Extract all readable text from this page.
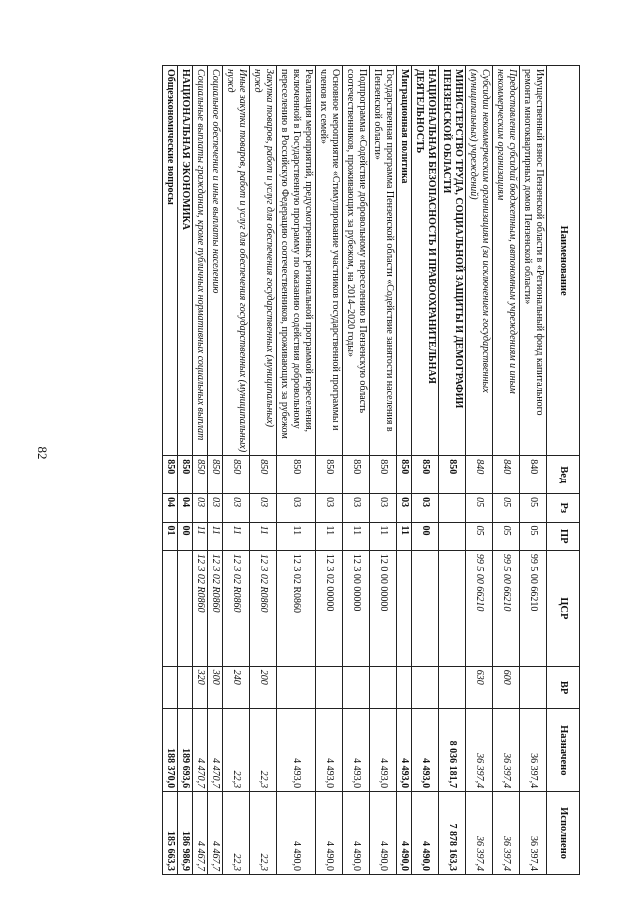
82
Наименование	Вед	Рз	ПР	ЦСР	ВР	Назначено	Исполнено
Имущественный взнос Пензенской области в «Региональный фонд капитального ремонта многоквартирных домов Пензенской области»	840	05	05	99 5 00 66210		36 397,4	36 397,4
Предоставление субсидий бюджетным, автономным учреждениям и иным некоммерческим организациям	840	05	05	99 5 00 66210	600	36 397,4	36 397,4
Субсидии некоммерческим организациям (за исключением государственных (муниципальных) учреждений)	840	05	05	99 5 00 66210	630	36 397,4	36 397,4
МИНИСТЕРСТВО ТРУДА, СОЦИАЛЬНОЙ ЗАЩИТЫ И ДЕМОГРАФИИ ПЕНЗЕНСКОЙ ОБЛАСТИ	850					8 036 181,7	7 878 163,3
НАЦИОНАЛЬНАЯ БЕЗОПАСНОСТЬ И ПРАВООХРАНИТЕЛЬНАЯ ДЕЯТЕЛЬНОСТЬ	850	03	00			4 493,0	4 490,0
Миграционная политика	850	03	11			4 493,0	4 490,0
Государственная программа Пензенской области «Содействие занятости населения в Пензенской области»	850	03	11	12 0 00 00000		4 493,0	4 490,0
Подпрограмма «Содействие добровольному переселению в Пензенскую область соотечественников, проживающих за рубежом, на 2014–2020 годы»	850	03	11	12 3 00 00000		4 493,0	4 490,0
Основное мероприятие «Стимулирование участников государственной программы и членов их семей»	850	03	11	12 3 02 00000		4 493,0	4 490,0
Реализация мероприятий, предусмотренных региональной программой переселения, включенной в Государственную программу по оказанию содействия добровольному переселению в Российскую Федерацию соотечественников, проживающих за рубежом	850	03	11	12 3 02 R0860		4 493,0	4 490,0
Закупка товаров, работ и услуг для обеспечения государственных (муниципальных) нужд	850	03	11	12 3 02 R0860	200	22,3	22,3
Иные закупки товаров, работ и услуг для обеспечения государственных (муниципальных) нужд	850	03	11	12 3 02 R0860	240	22,3	22,3
Социальное обеспечение и иные выплаты населению	850	03	11	12 3 02 R0860	300	4 470,7	4 467,7
Социальные выплаты гражданам, кроме публичных нормативных социальных выплат	850	03	11	12 3 02 R0860	320	4 470,7	4 467,7
НАЦИОНАЛЬНАЯ ЭКОНОМИКА	850	04	00			189 693,6	186 986,9
Общеэкономические вопросы	850	04	01			188 370,0	185 663,3
